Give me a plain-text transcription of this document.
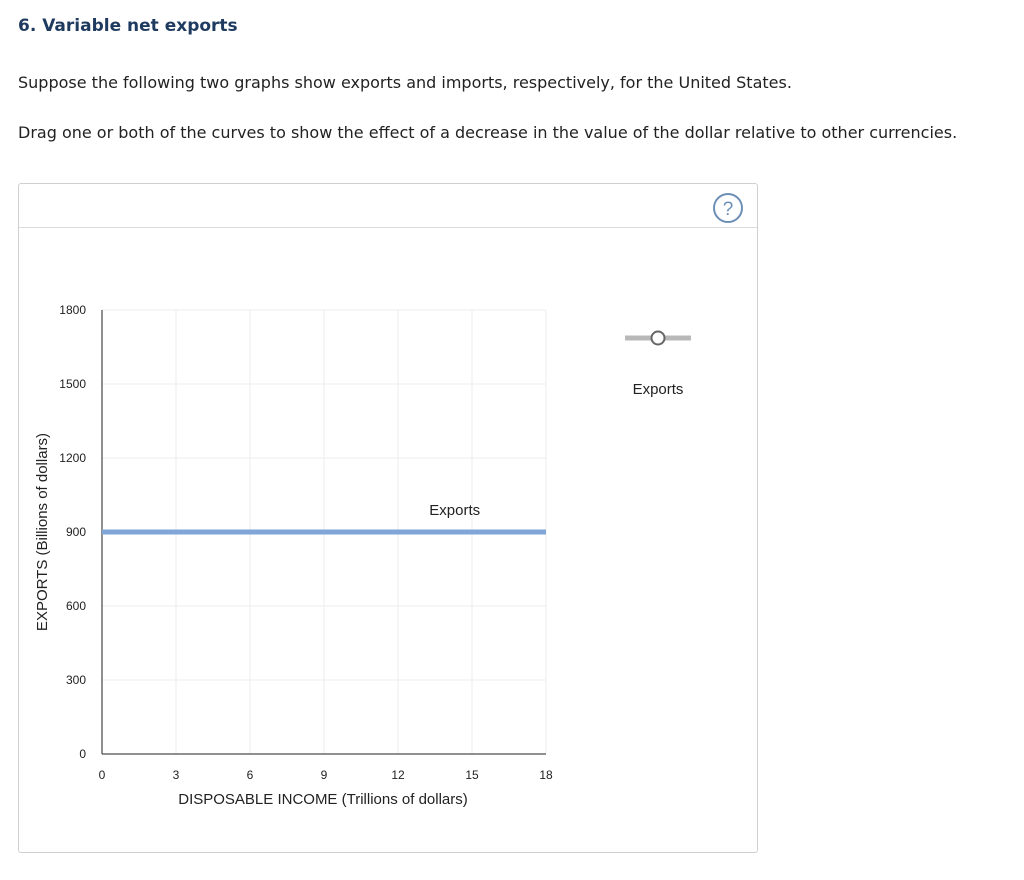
6. Variable net exports

Suppose the following two graphs show exports and imports, respectively, for the United States.

Drag one or both of the curves to show the effect of a decrease in the value of the dollar relative to other currencies.

?
0	3	6	9	12	15	18
0
300
600
900
1200
1500
1800
DISPOSABLE INCOME (Trillions of dollars)
EXPORTS (Billions of dollars)	Exports
Exports
